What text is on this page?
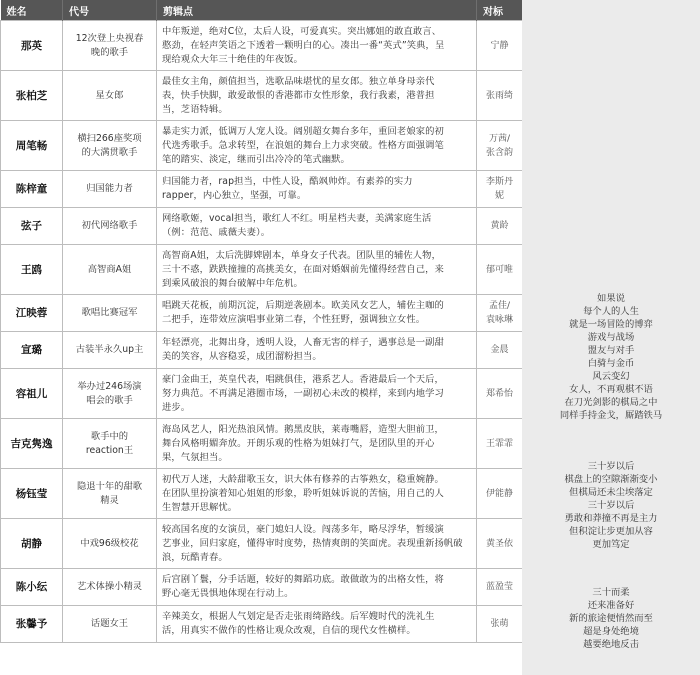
姓名	代号	剪辑点	对标

那英	12次登上央视春
晚的歌手	中年叛逆，绝对C位，太后人设，可爱真实。突出娜姐的敢直敢言、
憨劲，在轻声笑语之下透着一颗明白的心。凑出一番“英式”笑典，呈
现给观众大年三十绝佳的年夜饭。	宁静

张柏芝	星女郎	最佳女主角，颜值担当，选歌品味堪忧的星女郎。独立单身母亲代
表，快手快脚，敢爱敢恨的香港都市女性形象，我行我素，港普担
当，芝语特辑。	张雨绮

周笔畅	横扫266座奖项
的大满贯歌手	暴走实力派，低调万人宠人设。阔别超女舞台多年，重回老娘家的初
代选秀歌手。急求转型，在浪姐的舞台上力求突破。性格方面强调笔
笔的踏实、淡定，继而引出冷冷的笔式幽默。	万茜/
张含韵

陈梓童	归国能力者	归国能力者，rap担当，中性人设，酷飒帅炸。有素养的实力
rapper，内心独立，坚强，可靠。	李斯丹
妮

弦子	初代网络歌手	网络歌姬，vocal担当，歌红人不红。明星档夫妻，美满家庭生活
（例：范范、戚薇夫妻）。	黄龄

王鸥	高智商A姐	高智商A姐，太后洗脚婢剧本，单身女子代表。团队里的辅佐人物，
三十不惑，跌跌撞撞的高挑美女，在面对婚姻前先懂得经营自己，来
到乘风破浪的舞台破解中年危机。	郁可唯

江映蓉	歌唱比赛冠军	唱跳天花板，前期沉淀，后期逆袭剧本。欧美风女艺人，辅佐主咖的
二把手，连带效应演唱事业第二春，个性狂野，强调独立女性。	孟佳/
袁咏琳

宣璐	古装半永久up主	年轻漂亮，北舞出身，透明人设，人畜无害的样子，遇事总是一副甜
美的笑容，从容稳妥，成团溜粉担当。	金晨

容祖儿	举办过246场演
唱会的歌手	豪门金曲王，英皇代表，唱跳俱佳，港系艺人。香港最后一个天后，
努力典范。不再满足港圈市场，一副初心未改的模样，来到内地学习
进步。	郑希怡

吉克隽逸	歌手中的
reaction王	海岛风艺人，阳光热浪风情。鹅黑皮肤，莱毒嘴唇，造型大胆前卫，
舞台风格明媚奔放。开朗乐观的性格为姐妹打气，是团队里的开心
果，气氛担当。	王霏霏

杨钰莹	隐退十年的甜歌
精灵	初代万人迷，大龄甜歌玉女，识大体有修养的古筝熟女，稳重婉静。
在团队里扮演着知心姐姐的形象，聆听姐妹诉说的苦恼，用自己的人
生智慧开思解忧。	伊能静

胡静	中戏96级校花	较高国名度的女演员，豪门媳妇人设。闯荡多年，略尽浮华，暂缓演
艺事业，回归家庭，懂得审时度势，热情爽朗的笑面虎。表现重新扬帆破
浪，玩酷青春。	黄圣依

陈小纭	艺术体操小精灵	后宫剧丫鬟，分手话题，较好的舞蹈功底。敢做敢为的出格女性，将
野心毫无畏惧地体现在行动上。	蓝盈莹

张馨予	话题女王	辛辣美女，根据人气划定是否走张雨绮路线。后军嫂时代的洗礼生
活，用真实不做作的性格让观众改观，自信的现代女性横样。	张萌
如果说
每个人的人生
就是一场冒险的博弈
游戏与战场
盟友与对手
白骑与金币
风云变幻
女人，不再观棋不语
在刀光剑影的棋局之中
同样手持金戈，厮踏铁马
三十岁以后
棋盘上的空隙渐渐变小
但棋局还未尘埃落定
三十岁以后
勇敢和莽撞不再是主力
但积淀让步更加从容
更加笃定
三十而柔
还来准备好
新的旅途便悄然而至
超是身处绝境
越要绝地反击
